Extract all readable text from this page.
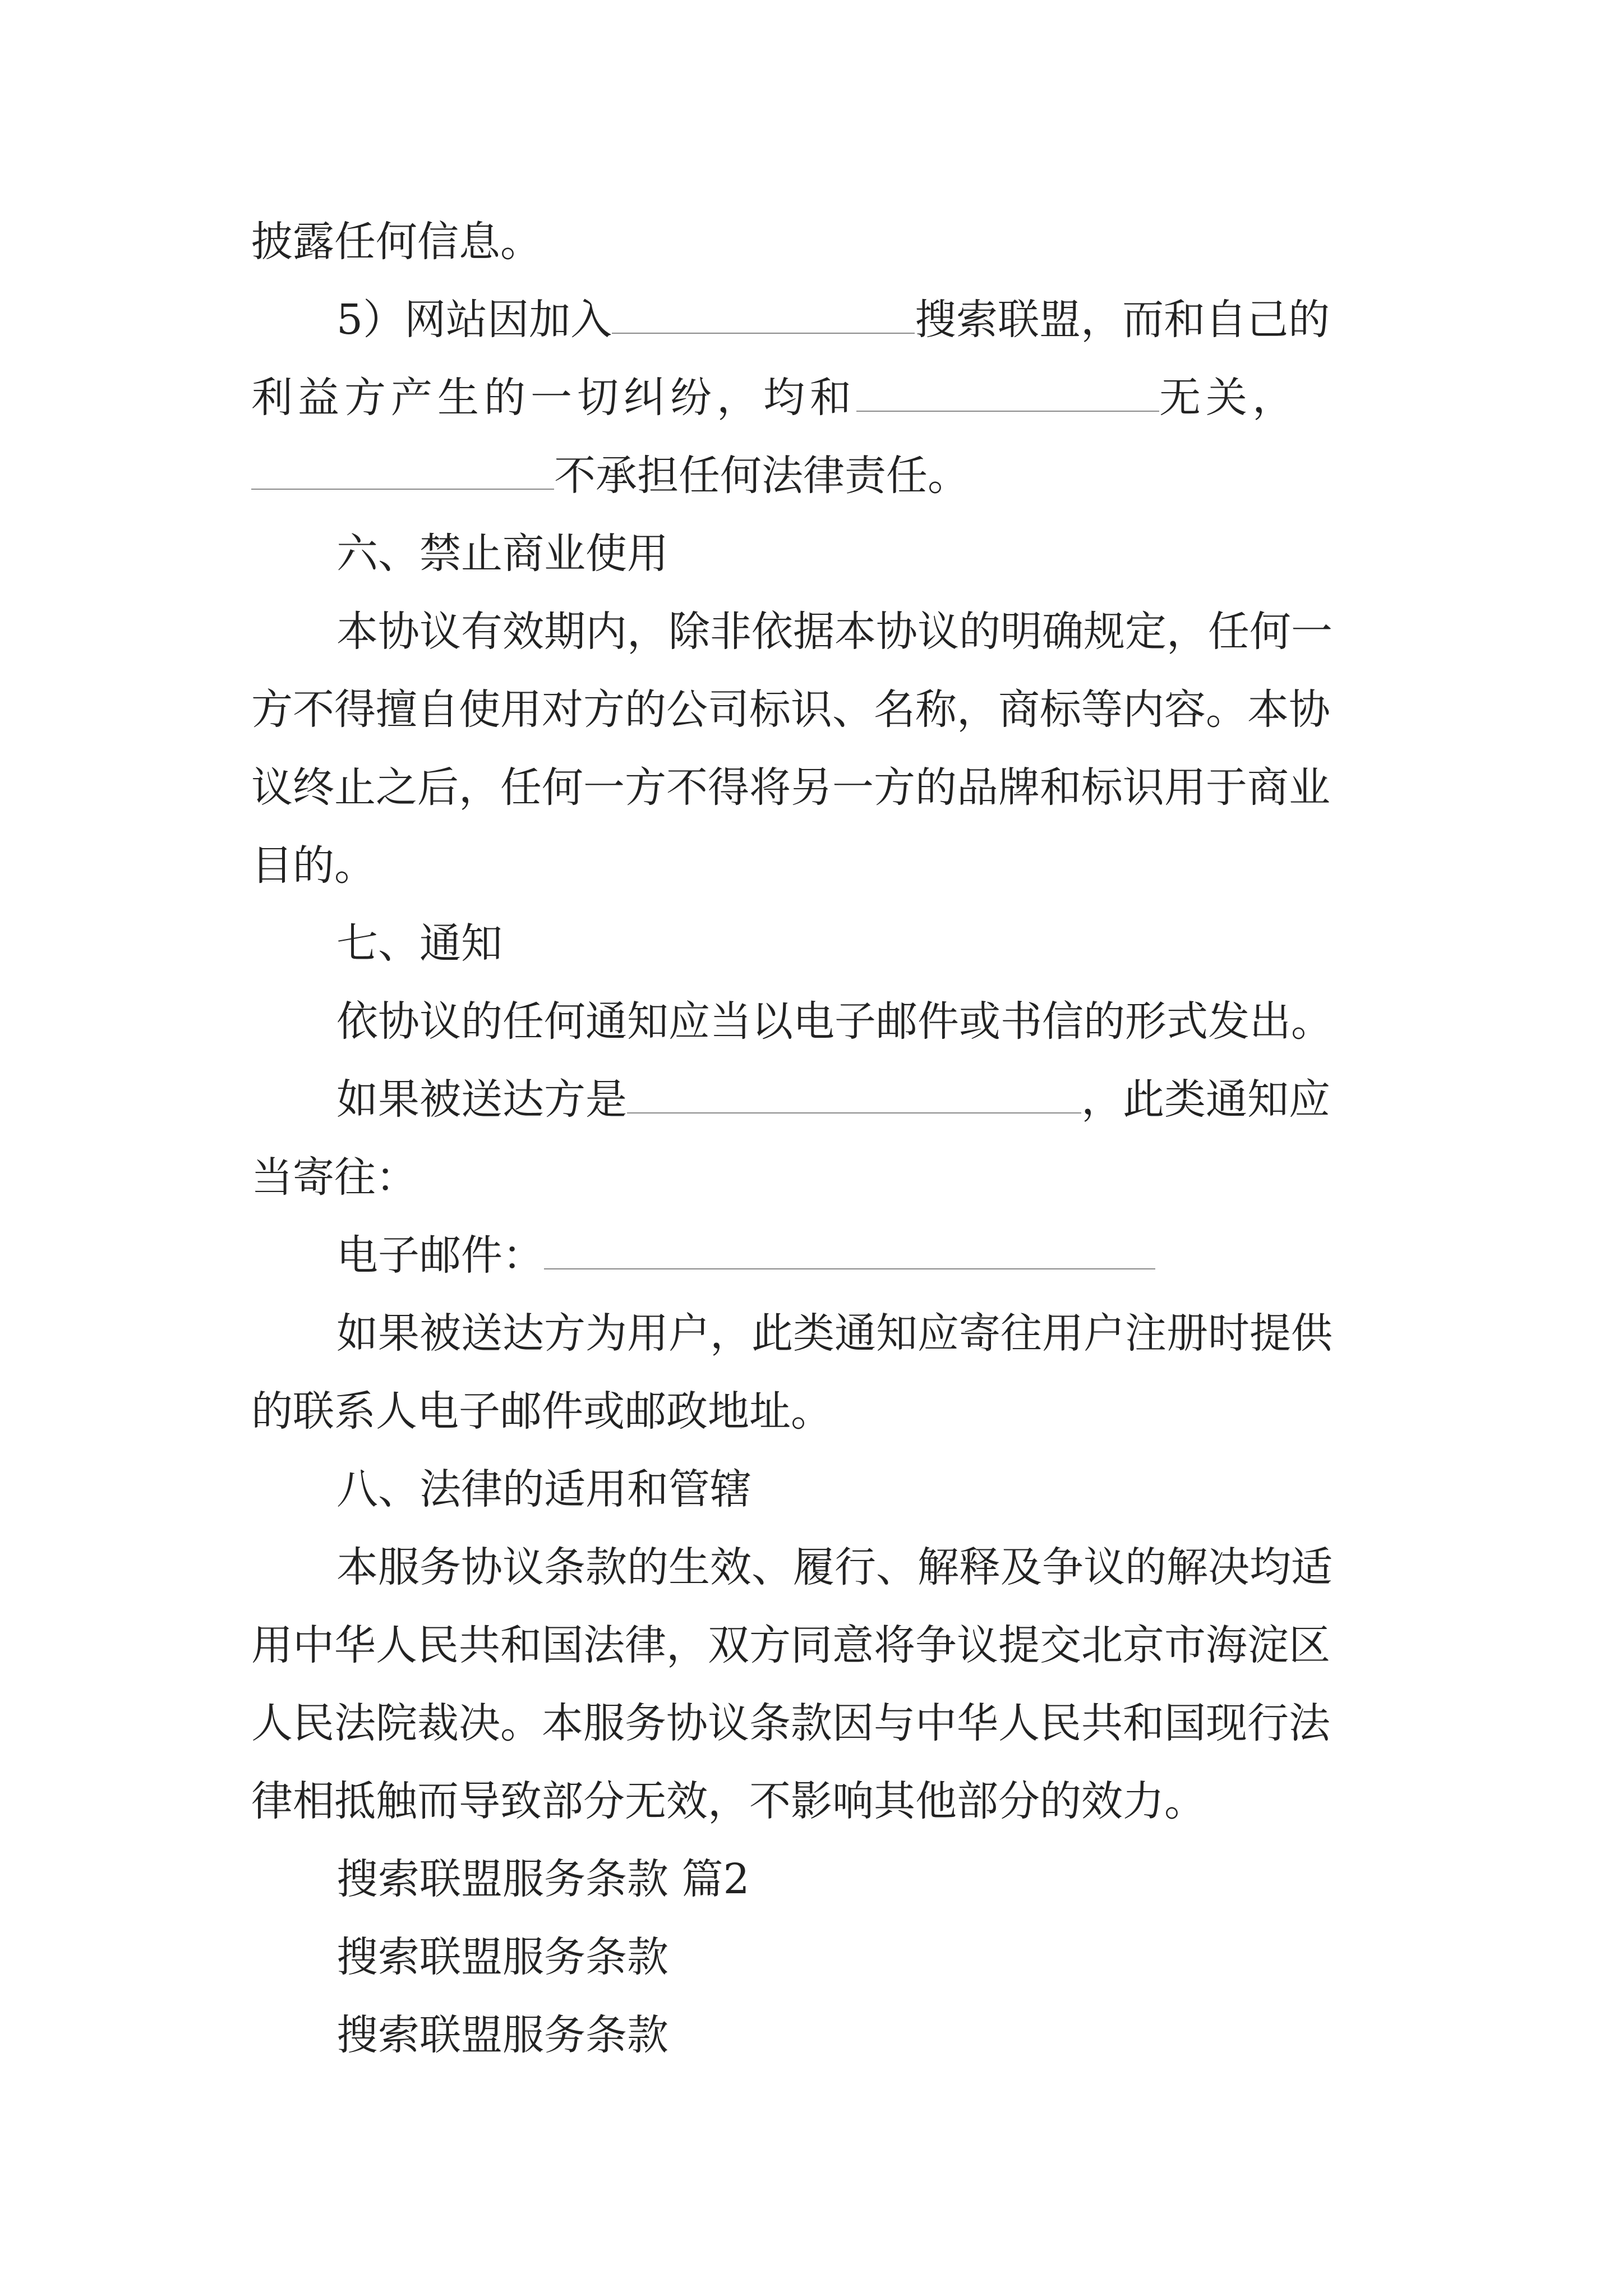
披露任何信息。
5）网站因加入	搜索联盟，而和自己的
利益方产生的一切纠纷，均和	无关，
不承担任何法律责任。
六、禁止商业使用
本协议有效期内，除非依据本协议的明确规定，任何一
方不得擅自使用对方的公司标识、名称，商标等内容。本协
议终止之后，任何一方不得将另一方的品牌和标识用于商业
目的。
七、通知
依协议的任何通知应当以电子邮件或书信的形式发出。
如果被送达方是	，此类通知应
当寄往：
电子邮件：
如果被送达方为用户，此类通知应寄往用户注册时提供
的联系人电子邮件或邮政地址。
八、法律的适用和管辖
本服务协议条款的生效、履行、解释及争议的解决均适
用中华人民共和国法律，双方同意将争议提交北京市海淀区
人民法院裁决。本服务协议条款因与中华人民共和国现行法
律相抵触而导致部分无效，不影响其他部分的效力。
搜索联盟服务条款 篇2
搜索联盟服务条款
搜索联盟服务条款
